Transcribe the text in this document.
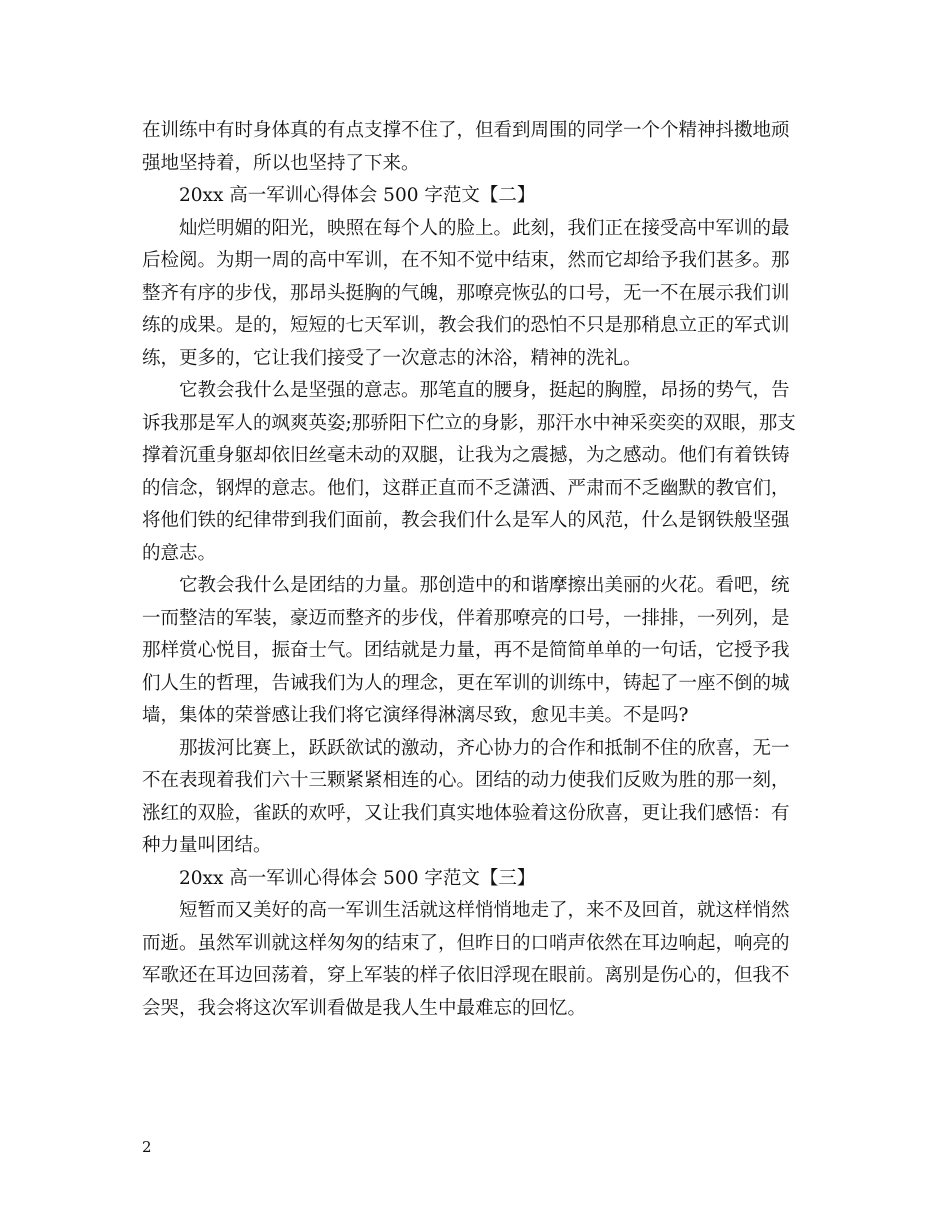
在训练中有时身体真的有点支撑不住了，但看到周围的同学一个个精神抖擞地顽
强地坚持着，所以也坚持了下来。
20xx 高一军训心得体会 500 字范文【二】
灿烂明媚的阳光，映照在每个人的脸上。此刻，我们正在接受高中军训的最
后检阅。为期一周的高中军训，在不知不觉中结束，然而它却给予我们甚多。那
整齐有序的步伐，那昂头挺胸的气魄，那嘹亮恢弘的口号，无一不在展示我们训
练的成果。是的，短短的七天军训，教会我们的恐怕不只是那稍息立正的军式训
练，更多的，它让我们接受了一次意志的沐浴，精神的洗礼。
它教会我什么是坚强的意志。那笔直的腰身，挺起的胸膛，昂扬的势气，告
诉我那是军人的飒爽英姿;那骄阳下伫立的身影，那汗水中神采奕奕的双眼，那支
撑着沉重身躯却依旧丝毫未动的双腿，让我为之震撼，为之感动。他们有着铁铸
的信念，钢焊的意志。他们，这群正直而不乏潇洒、严肃而不乏幽默的教官们，
将他们铁的纪律带到我们面前，教会我们什么是军人的风范，什么是钢铁般坚强
的意志。
它教会我什么是团结的力量。那创造中的和谐摩擦出美丽的火花。看吧，统
一而整洁的军装，豪迈而整齐的步伐，伴着那嘹亮的口号，一排排，一列列，是
那样赏心悦目，振奋士气。团结就是力量，再不是简简单单的一句话，它授予我
们人生的哲理，告诫我们为人的理念，更在军训的训练中，铸起了一座不倒的城
墙，集体的荣誉感让我们将它演绎得淋漓尽致，愈见丰美。不是吗?
那拔河比赛上，跃跃欲试的激动，齐心协力的合作和抵制不住的欣喜，无一
不在表现着我们六十三颗紧紧相连的心。团结的动力使我们反败为胜的那一刻，
涨红的双脸，雀跃的欢呼，又让我们真实地体验着这份欣喜，更让我们感悟：有
种力量叫团结。
20xx 高一军训心得体会 500 字范文【三】
短暂而又美好的高一军训生活就这样悄悄地走了，来不及回首，就这样悄然
而逝。虽然军训就这样匆匆的结束了，但昨日的口哨声依然在耳边响起，响亮的
军歌还在耳边回荡着，穿上军装的样子依旧浮现在眼前。离别是伤心的，但我不
会哭，我会将这次军训看做是我人生中最难忘的回忆。
2
